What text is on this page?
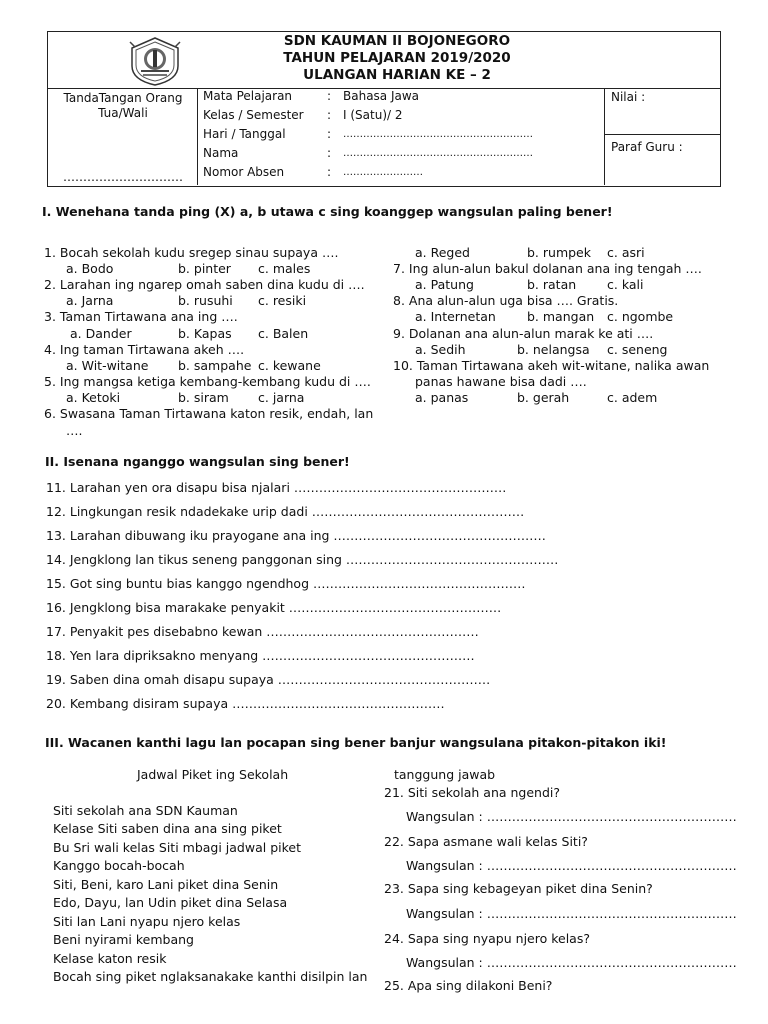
SDN KAUMAN II BOJONEGORO
TAHUN PELAJARAN 2019/2020
ULANGAN HARIAN KE – 2
TandaTangan Orang Tua/Wali
…………………………
Mata Pelajaran	: Bahasa Jawa
Kelas / Semester : I (Satu)/ 2
Hari / Tanggal	: …………………………………………………
Nama	: …………………………………………………
Nomor Absen	: ……………………
Nilai :
Paraf Guru :
I. Wenehana tanda ping (X) a, b utawa c sing koanggep wangsulan paling bener!
1. Bocah sekolah kudu sregep sinau supaya ….
a. Bodo	b. pinter c. males
2. Larahan ing ngarep omah saben dina kudu di ….
a. Jarna	b. rusuhi c. resiki
3. Taman Tirtawana ana ing ….
a. Dander	b. Kapas c. Balen
4. Ing taman Tirtawana akeh ….
a. Wit-witane b. sampahe c. kewane
5. Ing mangsa ketiga kembang-kembang kudu di ….
a. Ketoki	b. siram c. jarna
6. Swasana Taman Tirtawana katon resik, endah, lan
….
a. Reged	b. rumpek c. asri
7. Ing alun-alun bakul dolanan ana ing tengah ….
a. Patung	b. ratan c. kali
8. Ana alun-alun uga bisa …. Gratis.
a. Internetan b. mangan c. ngombe
9. Dolanan ana alun-alun marak ke ati ….
a. Sedih	b. nelangsa c. seneng
10. Taman Tirtawana akeh wit-witane, nalika awan
panas hawane bisa dadi ….
a. panas	b. gerah	c. adem
II. Isenana nganggo wangsulan sing bener!
11. Larahan yen ora disapu bisa njalari ……………………………………………
12. Lingkungan resik ndadekake urip dadi ……………………………………………
13. Larahan dibuwang iku prayogane ana ing ……………………………………………
14. Jengklong lan tikus seneng panggonan sing ……………………………………………
15. Got sing buntu bias kanggo ngendhog ……………………………………………
16. Jengklong bisa marakake penyakit ……………………………………………
17. Penyakit pes disebabno kewan ……………………………………………
18. Yen lara dipriksakno menyang ……………………………………………
19. Saben dina omah disapu supaya ……………………………………………
20. Kembang disiram supaya ……………………………………………
III. Wacanen kanthi lagu lan pocapan sing bener banjur wangsulana pitakon-pitakon iki!
Jadwal Piket ing Sekolah
Siti sekolah ana SDN Kauman
Kelase Siti saben dina ana sing piket
Bu Sri wali kelas Siti mbagi jadwal piket
Kanggo bocah-bocah
Siti, Beni, karo Lani piket dina Senin
Edo, Dayu, lan Udin piket dina Selasa
Siti lan Lani nyapu njero kelas
Beni nyirami kembang
Kelase katon resik
Bocah sing piket nglaksanakake kanthi disilpin lan
tanggung jawab
21. Siti sekolah ana ngendi?
Wangsulan : ……………………………………………………
22. Sapa asmane wali kelas Siti?
Wangsulan : ……………………………………………………
23. Sapa sing kebageyan piket dina Senin?
Wangsulan : ……………………………………………………
24. Sapa sing nyapu njero kelas?
Wangsulan : ……………………………………………………
25. Apa sing dilakoni Beni?
